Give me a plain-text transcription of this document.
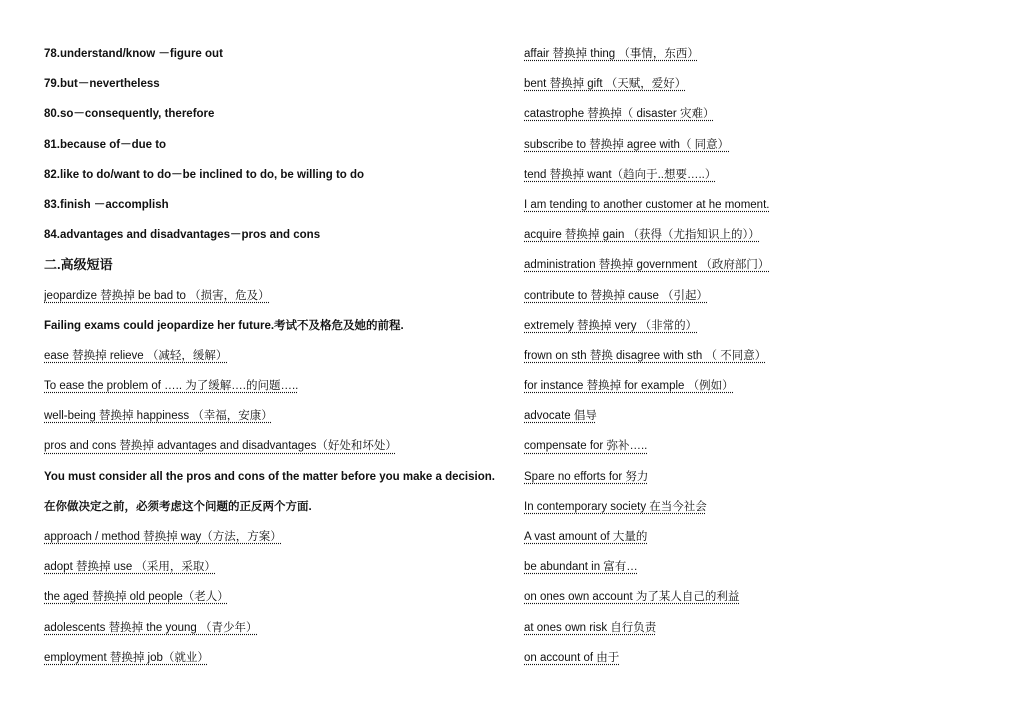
78.understand/know －figure out
79.but－nevertheless
80.so－consequently, therefore
81.because of－due to
82.like to do/want to do－be inclined to do, be willing to do
83.finish －accomplish
84.advantages and disadvantages－pros and cons
二.高级短语
jeopardize 替换掉 be bad to （损害，危及）
Failing exams could jeopardize her future.考试不及格危及她的前程.
ease 替换掉 relieve （减轻，缓解）
To ease the problem of ….. 为了缓解….的问题…..
well-being 替换掉 happiness （幸福，安康）
pros and cons 替换掉 advantages and disadvantages（好处和坏处）
You must consider all the pros and cons of the matter before you make a decision.
在你做决定之前，必须考虑这个问题的正反两个方面.
approach / method 替换掉 way（方法，方案）
adopt 替换掉 use （采用，采取）
the aged 替换掉 old people（老人）
adolescents 替换掉 the young （青少年）
employment 替换掉 job（就业）
affair 替换掉 thing （事情，东西）
bent 替换掉 gift （天赋，爱好）
catastrophe 替换掉（ disaster 灾难）
subscribe to 替换掉 agree with（ 同意）
tend 替换掉 want（趋向于..想要…..）
I am tending to another customer at he moment.
acquire 替换掉 gain （获得（尤指知识上的））
administration 替换掉 government （政府部门）
contribute to 替换掉 cause （引起）
extremely 替换掉 very （非常的）
frown on sth 替换 disagree with sth （ 不同意）
for instance 替换掉 for example （例如）
advocate 倡导
compensate for 弥补…..
Spare no efforts for 努力
In contemporary society 在当今社会
A vast amount of 大量的
be abundant in 富有…
on ones own account 为了某人自己的利益
at ones own risk 自行负责
on account of 由于
